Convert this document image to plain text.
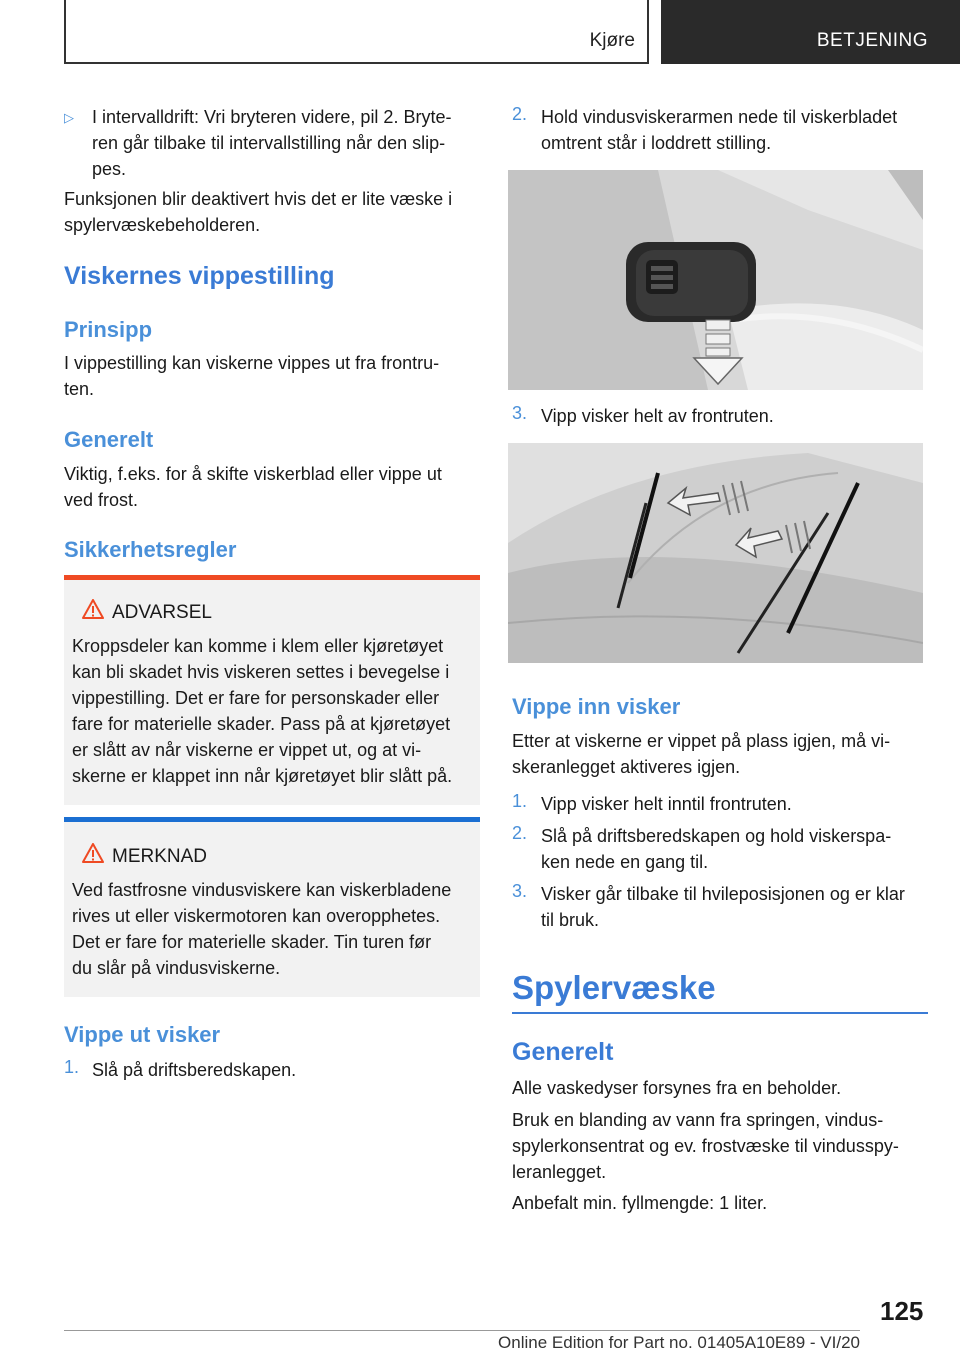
Kjøre	BETJENING
▷ I intervalldrift: Vri bryteren videre, pil 2. Bryte-

ren går tilbake til intervallstilling når den slip-

pes.

Funksjonen blir deaktivert hvis det er lite væske i

spylervæskebeholderen.

Viskernes vippestilling
Prinsipp

I vippestilling kan viskerne vippes ut fra frontru-

ten.

Generelt

Viktig, f.eks. for å skifte viskerblad eller vippe ut

ved frost.

Sikkerhetsregler
ADVARSEL
Kroppsdeler kan komme i klem eller kjøretøyet
kan bli skadet hvis viskeren settes i bevegelse i
vippestilling. Det er fare for personskader eller
fare for materielle skader. Pass på at kjøretøyet
er slått av når viskerne er vippet ut, og at vi-
skerne er klappet inn når kjøretøyet blir slått på.
MERKNAD
Ved fastfrosne vindusviskere kan viskerbladene
rives ut eller viskermotoren kan overopphetes.
Det er fare for materielle skader. Tin turen før
du slår på vindusviskerne.
Vippe ut visker
1. Slå på driftsberedskapen.

2. Hold vindusviskerarmen nede til viskerbladet

omtrent står i loddrett stilling.

3. Vipp visker helt av frontruten.

Vippe inn visker

Etter at viskerne er vippet på plass igjen, må vi-

skeranlegget aktiveres igjen.

1. Vipp visker helt inntil frontruten.

2. Slå på driftsberedskapen og hold viskerspa-

ken nede en gang til.

3. Visker går tilbake til hvileposisjonen og er klar

til bruk.

Spylervæske
Generelt

Alle vaskedyser forsynes fra en beholder.

Bruk en blanding av vann fra springen, vindus-

spylerkonsentrat og ev. frostvæske til vindusspy-

leranlegget.

Anbefalt min. fyllmengde: 1 liter.

125
Online Edition for Part no. 01405A10E89 - VI/20
